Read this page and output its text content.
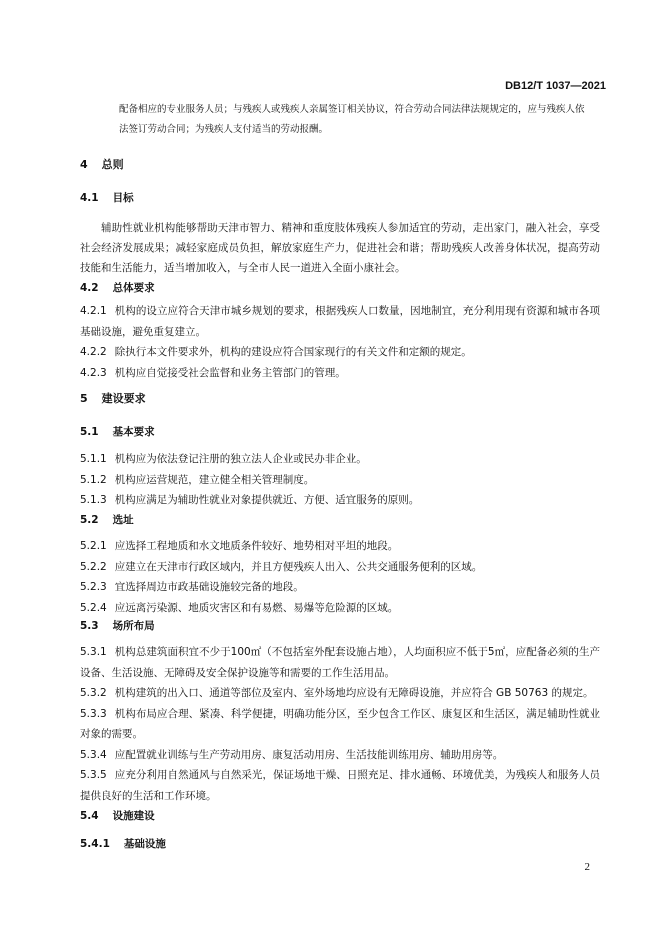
DB12/T 1037—2021
配备相应的专业服务人员；与残疾人或残疾人亲属签订相关协议，符合劳动合同法律法规规定的，应与残疾人依法签订劳动合同；为残疾人支付适当的劳动报酬。
4 总则
4.1 目标
辅助性就业机构能够帮助天津市智力、精神和重度肢体残疾人参加适宜的劳动，走出家门，融入社会，享受社会经济发展成果；减轻家庭成员负担，解放家庭生产力，促进社会和谐；帮助残疾人改善身体状况，提高劳动技能和生活能力，适当增加收入，与全市人民一道进入全面小康社会。
4.2 总体要求
4.2.1 机构的设立应符合天津市城乡规划的要求，根据残疾人口数量，因地制宜，充分利用现有资源和城市各项基础设施，避免重复建立。
4.2.2 除执行本文件要求外，机构的建设应符合国家现行的有关文件和定额的规定。
4.2.3 机构应自觉接受社会监督和业务主管部门的管理。
5 建设要求
5.1 基本要求
5.1.1 机构应为依法登记注册的独立法人企业或民办非企业。
5.1.2 机构应运营规范，建立健全相关管理制度。
5.1.3 机构应满足为辅助性就业对象提供就近、方便、适宜服务的原则。
5.2 选址
5.2.1 应选择工程地质和水文地质条件较好、地势相对平坦的地段。
5.2.2 应建立在天津市行政区域内，并且方便残疾人出入、公共交通服务便利的区域。
5.2.3 宜选择周边市政基础设施较完备的地段。
5.2.4 应远离污染源、地质灾害区和有易燃、易爆等危险源的区域。
5.3 场所布局
5.3.1 机构总建筑面积宜不少于100㎡（不包括室外配套设施占地），人均面积应不低于5㎡，应配备必须的生产设备、生活设施、无障碍及安全保护设施等和需要的工作生活用品。
5.3.2 机构建筑的出入口、通道等部位及室内、室外场地均应设有无障碍设施，并应符合 GB 50763 的规定。
5.3.3 机构布局应合理、紧凑、科学便捷，明确功能分区，至少包含工作区、康复区和生活区，满足辅助性就业对象的需要。
5.3.4 应配置就业训练与生产劳动用房、康复活动用房、生活技能训练用房、辅助用房等。
5.3.5 应充分利用自然通风与自然采光，保证场地干燥、日照充足、排水通畅、环境优美，为残疾人和服务人员提供良好的生活和工作环境。
5.4 设施建设
5.4.1 基础设施
2
